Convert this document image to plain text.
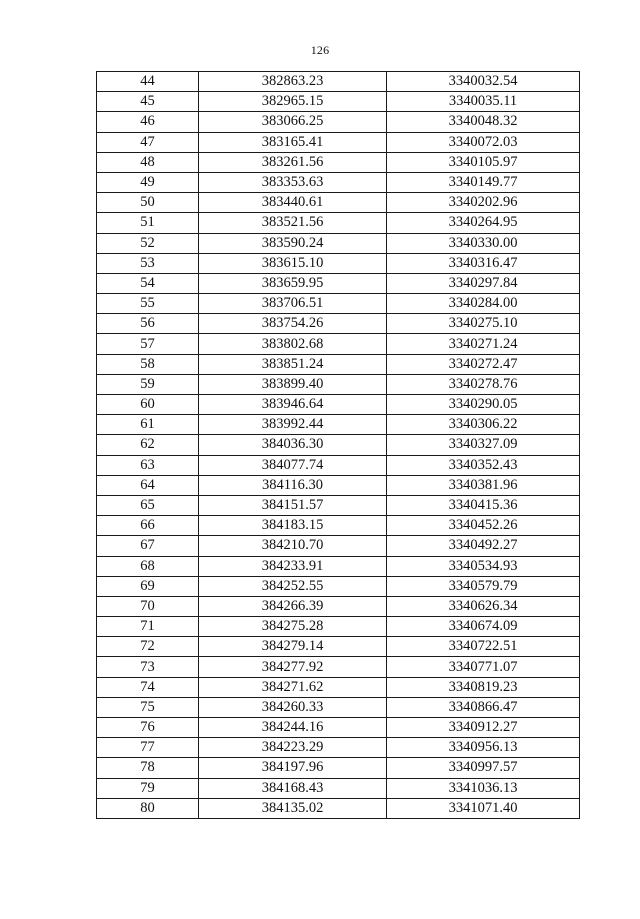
126
44	382863.23	3340032.54
45	382965.15	3340035.11
46	383066.25	3340048.32
47	383165.41	3340072.03
48	383261.56	3340105.97
49	383353.63	3340149.77
50	383440.61	3340202.96
51	383521.56	3340264.95
52	383590.24	3340330.00
53	383615.10	3340316.47
54	383659.95	3340297.84
55	383706.51	3340284.00
56	383754.26	3340275.10
57	383802.68	3340271.24
58	383851.24	3340272.47
59	383899.40	3340278.76
60	383946.64	3340290.05
61	383992.44	3340306.22
62	384036.30	3340327.09
63	384077.74	3340352.43
64	384116.30	3340381.96
65	384151.57	3340415.36
66	384183.15	3340452.26
67	384210.70	3340492.27
68	384233.91	3340534.93
69	384252.55	3340579.79
70	384266.39	3340626.34
71	384275.28	3340674.09
72	384279.14	3340722.51
73	384277.92	3340771.07
74	384271.62	3340819.23
75	384260.33	3340866.47
76	384244.16	3340912.27
77	384223.29	3340956.13
78	384197.96	3340997.57
79	384168.43	3341036.13
80	384135.02	3341071.40
